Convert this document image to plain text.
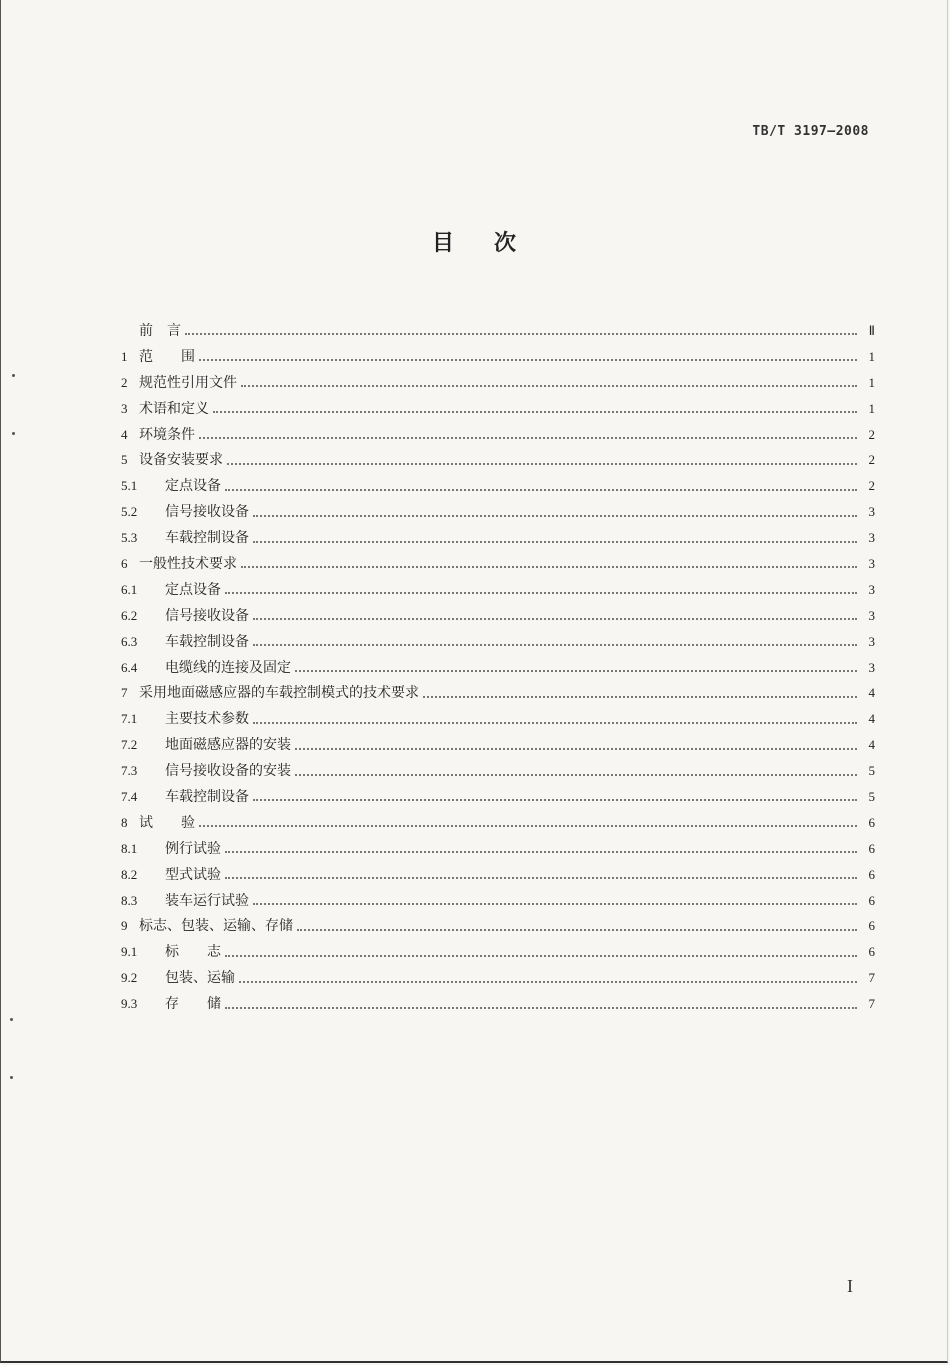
TB/T 3197—2008
目次
前　言	Ⅱ
1 范　　围	1
2 规范性引用文件	1
3 术语和定义	1
4 环境条件	2
5 设备安装要求	2
5.1	定点设备	2
5.2	信号接收设备	3
5.3	车载控制设备	3
6 一般性技术要求	3
6.1	定点设备	3
6.2	信号接收设备	3
6.3	车载控制设备	3
6.4	电缆线的连接及固定	3
7 采用地面磁感应器的车载控制模式的技术要求	4
7.1	主要技术参数	4
7.2	地面磁感应器的安装	4
7.3	信号接收设备的安装	5
7.4	车载控制设备	5
8 试　　验	6
8.1	例行试验	6
8.2	型式试验	6
8.3	装车运行试验	6
9 标志、包装、运输、存储	6
9.1	标　　志	6
9.2	包装、运输	7
9.3	存　　储	7
I
